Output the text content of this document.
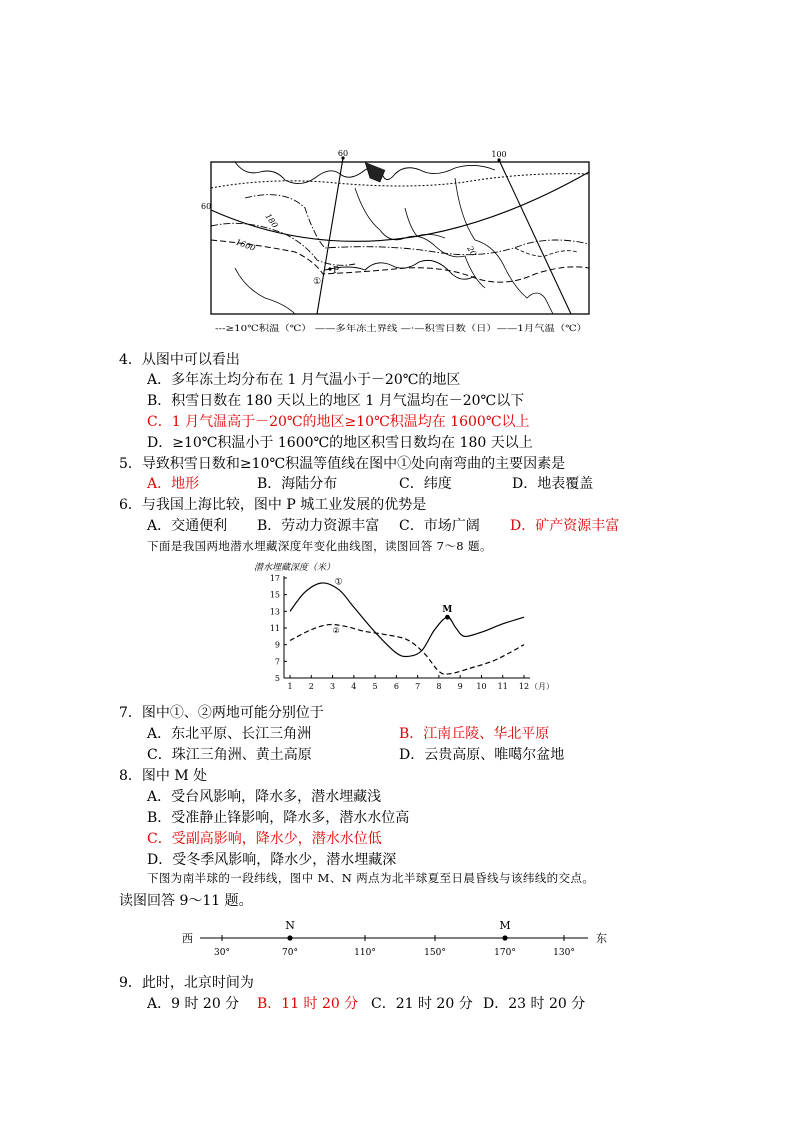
60	100
60
180
1600	20
①
P
---≥10℃积温（℃） ——多年冻土界线 —·—积雪日数（日）——1月气温（℃）
4．从图中可以看出
A．多年冻土均分布在 1 月气温小于－20℃的地区
B．积雪日数在 180 天以上的地区 1 月气温均在－20℃以下
C．1 月气温高于－20℃的地区≥10℃积温均在 1600℃以上
D．≥10℃积温小于 1600℃的地区积雪日数均在 180 天以上
5．导致积雪日数和≥10℃积温等值线在图中①处向南弯曲的主要因素是
A．地形	B．海陆分布	C．纬度	D．地表覆盖
6．与我国上海比较，图中 P 城工业发展的优势是
A．交通便利 B．劳动力资源丰富 C．市场广阔 D．矿产资源丰富
下面是我国两地潜水埋藏深度年变化曲线图，读图回答 7～8 题。
潜水埋藏深度（米）
5
7
9
11
13
15
17
1 2 3 4 5 6 7 8 9 10 11 12 （月）
①
②
M
7．图中①、②两地可能分别位于
A．东北平原、长江三角洲	B．江南丘陵、华北平原
C．珠江三角洲、黄土高原	D．云贵高原、唯噶尔盆地
8．图中 M 处
A．受台风影响，降水多，潜水埋藏浅
B．受准静止锋影响，降水多，潜水水位高
C．受副高影响，降水少，潜水水位低
D．受冬季风影响，降水少，潜水埋藏深
下图为南半球的一段纬线，图中 M、N 两点为北半球夏至日晨昏线与该纬线的交点。
读图回答 9～11 题。
西	东
N	M
30°	70°	110°	150°	170°	130°
9．此时，北京时间为
A．9 时 20 分 B．11 时 20 分 C．21 时 20 分 D．23 时 20 分
